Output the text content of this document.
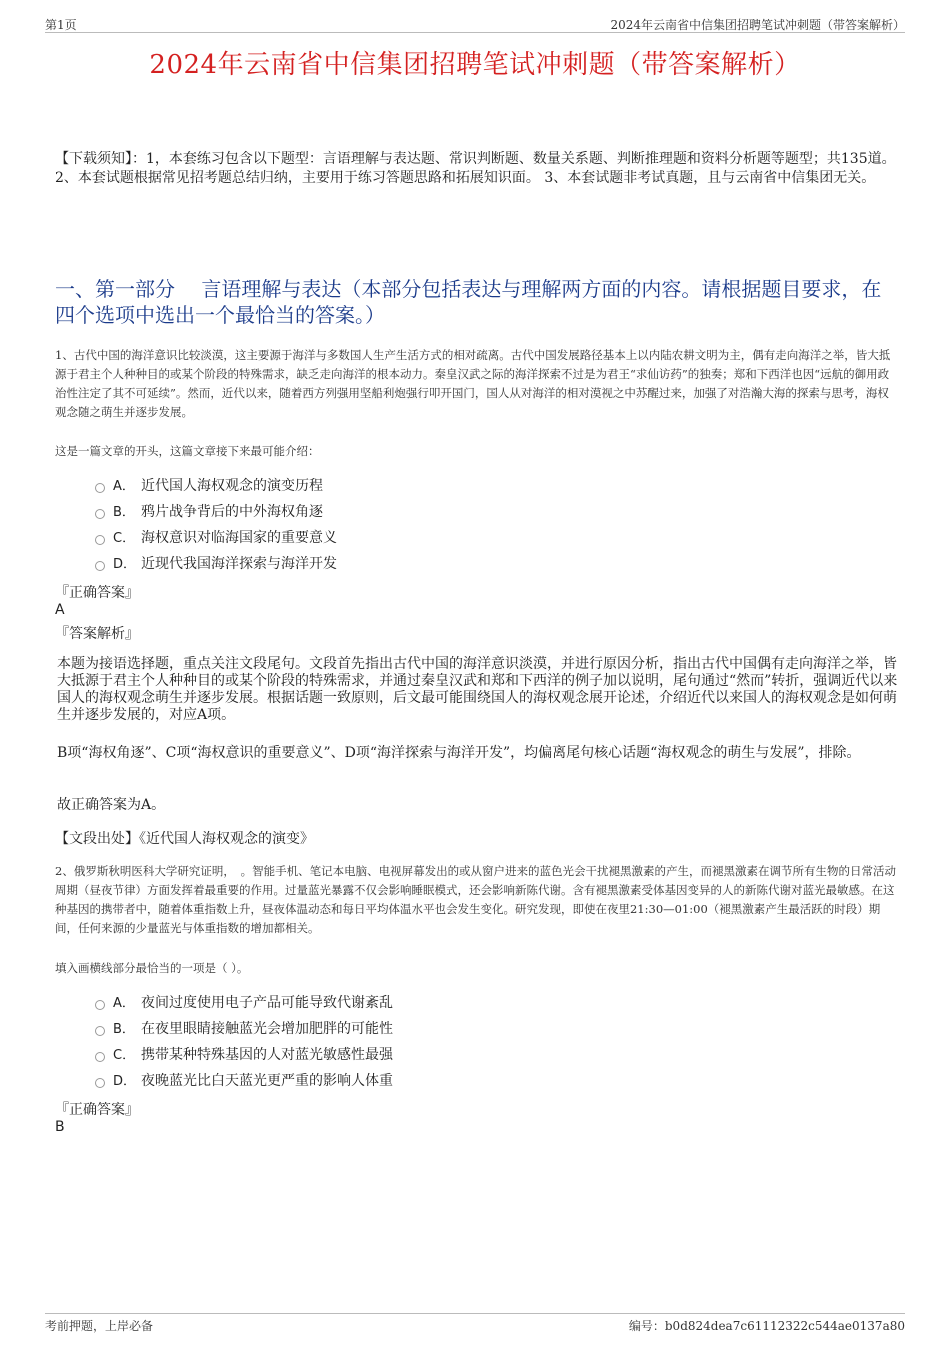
第1页	2024年云南省中信集团招聘笔试冲刺题（带答案解析）
2024年云南省中信集团招聘笔试冲刺题（带答案解析）
【下载须知】：1，本套练习包含以下题型：言语理解与表达题、常识判断题、数量关系题、判断推理题和资料分析题等题型；共135道。 2、本套试题根据常见招考题总结归纳，主要用于练习答题思路和拓展知识面。 3、本套试题非考试真题，且与云南省中信集团无关。
一、第一部分　 言语理解与表达（本部分包括表达与理解两方面的内容。请根据题目要求，在四个选项中选出一个最恰当的答案。）
1、古代中国的海洋意识比较淡漠，这主要源于海洋与多数国人生产生活方式的相对疏离。古代中国发展路径基本上以内陆农耕文明为主，偶有走向海洋之举，皆大抵源于君主个人种种目的或某个阶段的特殊需求，缺乏走向海洋的根本动力。秦皇汉武之际的海洋探索不过是为君王“求仙访药”的独奏；郑和下西洋也因“远航的御用政治性注定了其不可延续”。然而，近代以来，随着西方列强用坚船利炮强行叩开国门，国人从对海洋的相对漠视之中苏醒过来，加强了对浩瀚大海的探索与思考，海权观念随之萌生并逐步发展。
这是一篇文章的开头，这篇文章接下来最可能介绍：
A． 近代国人海权观念的演变历程
B． 鸦片战争背后的中外海权角逐
C． 海权意识对临海国家的重要意义
D． 近现代我国海洋探索与海洋开发
『正确答案』
A
『答案解析』
本题为接语选择题，重点关注文段尾句。文段首先指出古代中国的海洋意识淡漠，并进行原因分析，指出古代中国偶有走向海洋之举，皆大抵源于君主个人种种目的或某个阶段的特殊需求，并通过秦皇汉武和郑和下西洋的例子加以说明，尾句通过“然而”转折，强调近代以来国人的海权观念萌生并逐步发展。根据话题一致原则，后文最可能围绕国人的海权观念展开论述，介绍近代以来国人的海权观念是如何萌生并逐步发展的，对应A项。
B项“海权角逐”、C项“海权意识的重要意义”、D项“海洋探索与海洋开发”，均偏离尾句核心话题“海权观念的萌生与发展”，排除。
故正确答案为A。
【文段出处】《近代国人海权观念的演变》
2、俄罗斯秋明医科大学研究证明，　。智能手机、笔记本电脑、电视屏幕发出的或从窗户进来的蓝色光会干扰褪黑激素的产生，而褪黑激素在调节所有生物的日常活动周期（昼夜节律）方面发挥着最重要的作用。过量蓝光暴露不仅会影响睡眠模式，还会影响新陈代谢。含有褪黑激素受体基因变异的人的新陈代谢对蓝光最敏感。在这种基因的携带者中，随着体重指数上升，昼夜体温动态和每日平均体温水平也会发生变化。研究发现，即使在夜里21:30—01:00（褪黑激素产生最活跃的时段）期间，任何来源的少量蓝光与体重指数的增加都相关。
填入画横线部分最恰当的一项是（ ）。
A． 夜间过度使用电子产品可能导致代谢紊乱
B． 在夜里眼睛接触蓝光会增加肥胖的可能性
C． 携带某种特殊基因的人对蓝光敏感性最强
D． 夜晚蓝光比白天蓝光更严重的影响人体重
『正确答案』
B
考前押题，上岸必备	编号：b0d824dea7c61112322c544ae0137a80
